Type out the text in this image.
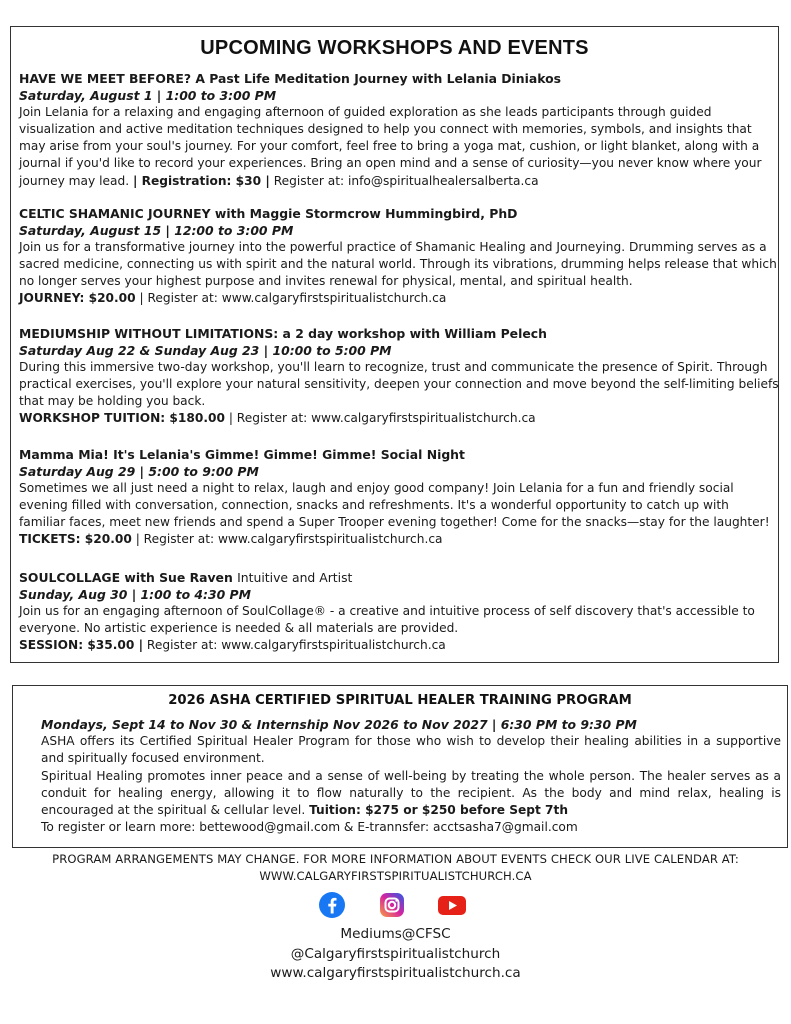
UPCOMING WORKSHOPS AND EVENTS
HAVE WE MEET BEFORE? A Past Life Meditation Journey with Lelania Diniakos
Saturday, August 1 | 1:00 to 3:00 PM
Join Lelania for a relaxing and engaging afternoon of guided exploration as she leads participants through guided visualization and active meditation techniques designed to help you connect with memories, symbols, and insights that may arise from your soul's journey. For your comfort, feel free to bring a yoga mat, cushion, or light blanket, along with a journal if you'd like to record your experiences. Bring an open mind and a sense of curiosity—you never know where your journey may lead. | Registration: $30 | Register at: info@spiritualhealersalberta.ca
CELTIC SHAMANIC JOURNEY with Maggie Stormcrow Hummingbird, PhD
Saturday, August 15 | 12:00 to 3:00 PM
Join us for a transformative journey into the powerful practice of Shamanic Healing and Journeying. Drumming serves as a sacred medicine, connecting us with spirit and the natural world. Through its vibrations, drumming helps release that which no longer serves your highest purpose and invites renewal for physical, mental, and spiritual health.
JOURNEY: $20.00 | Register at: www.calgaryfirstspiritualistchurch.ca
MEDIUMSHIP WITHOUT LIMITATIONS: a 2 day workshop with William Pelech
Saturday Aug 22 & Sunday Aug 23 | 10:00 to 5:00 PM
During this immersive two-day workshop, you'll learn to recognize, trust and communicate the presence of Spirit. Through practical exercises, you'll explore your natural sensitivity, deepen your connection and move beyond the self-limiting beliefs that may be holding you back.
WORKSHOP TUITION: $180.00 | Register at: www.calgaryfirstspiritualistchurch.ca
Mamma Mia! It's Lelania's Gimme! Gimme! Gimme! Social Night
Saturday Aug 29 | 5:00 to 9:00 PM
Sometimes we all just need a night to relax, laugh and enjoy good company! Join Lelania for a fun and friendly social evening filled with conversation, connection, snacks and refreshments. It's a wonderful opportunity to catch up with familiar faces, meet new friends and spend a Super Trooper evening together! Come for the snacks—stay for the laughter!
TICKETS: $20.00 | Register at: www.calgaryfirstspiritualistchurch.ca
SOULCOLLAGE with Sue Raven Intuitive and Artist
Sunday, Aug 30 | 1:00 to 4:30 PM
Join us for an engaging afternoon of SoulCollage® - a creative and intuitive process of self discovery that's accessible to everyone. No artistic experience is needed & all materials are provided.
SESSION: $35.00 | Register at: www.calgaryfirstspiritualistchurch.ca
2026 ASHA CERTIFIED SPIRITUAL HEALER TRAINING PROGRAM
Mondays, Sept 14 to Nov 30 & Internship Nov 2026 to Nov 2027 | 6:30 PM to 9:30 PM
ASHA offers its Certified Spiritual Healer Program for those who wish to develop their healing abilities in a supportive and spiritually focused environment.
Spiritual Healing promotes inner peace and a sense of well-being by treating the whole person. The healer serves as a conduit for healing energy, allowing it to flow naturally to the recipient. As the body and mind relax, healing is encouraged at the spiritual & cellular level. Tuition: $275 or $250 before Sept 7th
To register or learn more: bettewood@gmail.com & E-trannsfer: acctsasha7@gmail.com
PROGRAM ARRANGEMENTS MAY CHANGE. FOR MORE INFORMATION ABOUT EVENTS CHECK OUR LIVE CALENDAR AT:
WWW.CALGARYFIRSTSPIRITUALISTCHURCH.CA
Mediums@CFSC
@Calgaryfirstspiritualistchurch
www.calgaryfirstspiritualistchurch.ca
